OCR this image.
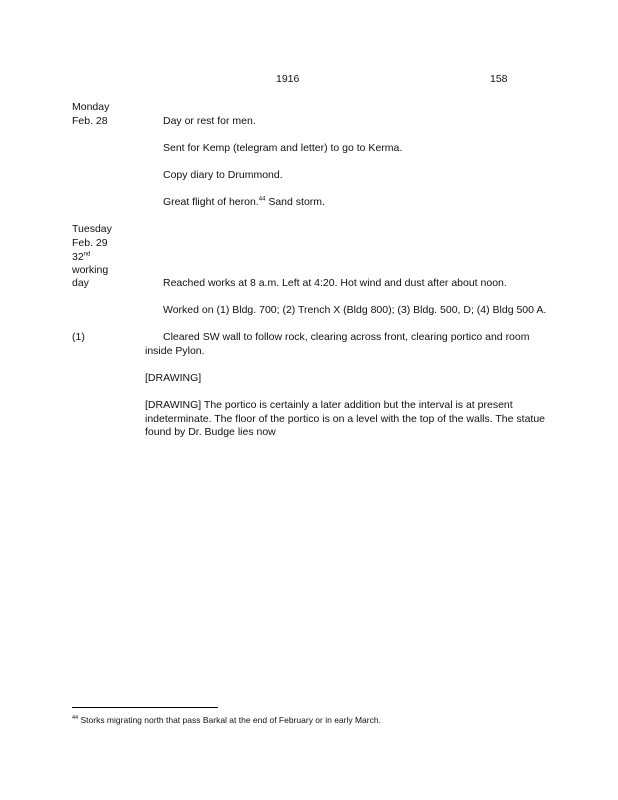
1916	158
Monday
Feb. 28	Day or rest for men.
Sent for Kemp (telegram and letter) to go to Kerma.
Copy diary to Drummond.
Great flight of heron.$^{44}$ Sand storm.
Tuesday
Feb. 29
32nd
working
day	Reached works at 8 a.m. Left at 4:20. Hot wind and dust after about noon.
Worked on (1) Bldg. 700; (2) Trench X (Bldg 800); (3) Bldg. 500, D; (4) Bldg 500 A.
(1)	Cleared SW wall to follow rock, clearing across front, clearing portico and room
inside Pylon.
[DRAWING]
[DRAWING] The portico is certainly a later addition but the interval is at present indeterminate. The floor of the portico is on a level with the top of the walls. The statue found by Dr. Budge lies now
$^{44}$ Storks migrating north that pass Barkal at the end of February or in early March.
